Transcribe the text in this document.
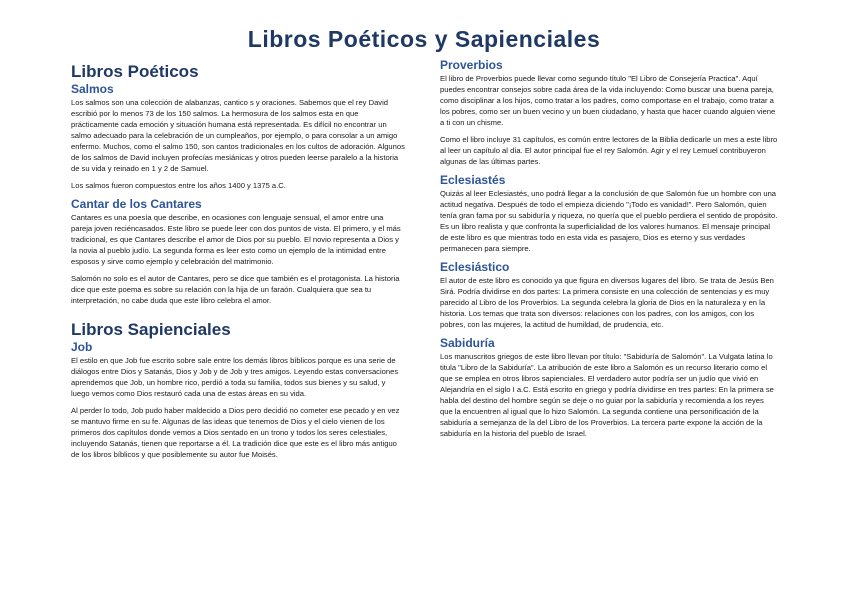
Libros Poéticos y Sapienciales
Libros Poéticos
Salmos

Los salmos son una colección de alabanzas, cantico s y oraciones. Sabemos que el rey David escribió por lo menos 73 de los 150 salmos. La hermosura de los salmos esta en que prácticamente cada emoción y situación humana está representada. Es difícil no encontrar un salmo adecuado para la celebración de un cumpleaños, por ejemplo, o para consolar a un amigo enfermo. Muchos, como el salmo 150, son cantos tradicionales en los cultos de adoración. Algunos de los salmos de David incluyen profecías mesiánicas y otros pueden leerse paralelo a la historia de su vida y reinado en 1 y 2 de Samuel.

Los salmos fueron compuestos entre los años 1400 y 1375 a.C.

Cantar de los Cantares

Cantares es una poesía que describe, en ocasiones con lenguaje sensual, el amor entre una pareja joven reciéncasados. Este libro se puede leer con dos puntos de vista. El primero, y el más tradicional, es que Cantares describe el amor de Dios por su pueblo. El novio representa a Dios y la novia al pueblo judío. La segunda forma es leer esto como un ejemplo de la intimidad entre esposos y sirve como ejemplo y celebración del matrimonio.

Salomón no solo es el autor de Cantares, pero se dice que también es el protagonista. La historia dice que este poema es sobre su relación con la hija de un faraón. Cualquiera que sea tu interpretación, no cabe duda que este libro celebra el amor.

Libros Sapienciales
Job

El estilo en que Job fue escrito sobre sale entre los demás libros bíblicos porque es una serie de diálogos entre Dios y Satanás, Dios y Job y de Job y tres amigos. Leyendo estas conversaciones aprendemos que Job, un hombre rico, perdió a toda su familia, todos sus bienes y su salud, y luego vemos como Dios restauró cada una de estas áreas en su vida.

Al perder lo todo, Job pudo haber maldecido a Dios pero decidió no cometer ese pecado y en vez se mantuvo firme en su fe. Algunas de las ideas que tenemos de Dios y el cielo vienen de los primeros dos capítulos donde vemos a Dios sentado en un trono y todos los seres celestiales, incluyendo Satanás, tienen que reportarse a él. La tradición dice que este es el libro más antiguo de los libros bíblicos y que posiblemente su autor fue Moisés.

Proverbios

El libro de Proverbios puede llevar como segundo título "El Libro de Consejería Practica". Aquí puedes encontrar consejos sobre cada área de la vida incluyendo: Como buscar una buena pareja, como disciplinar a los hijos, como tratar a los padres, como comportase en el trabajo, como tratar a los pobres, como ser un buen vecino y un buen ciudadano, y hasta que hacer cuando alguien viene a ti con un chisme.

Como el libro incluye 31 capítulos, es común entre lectores de la Biblia dedicarle un mes a este libro al leer un capítulo al día. El autor principal fue el rey Salomón. Agir y el rey Lemuel contribuyeron algunas de las últimas partes.

Eclesiastés

Quizás al leer Eclesiastés, uno podrá llegar a la conclusión de que Salomón fue un hombre con una actitud negativa. Después de todo el empieza diciendo "¡Todo es vanidad!". Pero Salomón, quien tenía gran fama por su sabiduría y riqueza, no quería que el pueblo perdiera el sentido de propósito. Es un libro realista y que confronta la superficialidad de los valores humanos. El mensaje principal de este libro es que mientras todo en esta vida es pasajero, Dios es eterno y sus verdades permanecen para siempre.

Eclesiástico

El autor de este libro es conocido ya que figura en diversos lugares del libro. Se trata de Jesús Ben Sirá. Podría dividirse en dos partes: La primera consiste en una colección de sentencias y es muy parecido al Libro de los Proverbios. La segunda celebra la gloria de Dios en la naturaleza y en la historia. Los temas que trata son diversos: relaciones con los padres, con los amigos, con los pobres, con las mujeres, la actitud de humildad, de prudencia, etc.

Sabiduría

Los manuscritos griegos de este libro llevan por título: "Sabiduría de Salomón". La Vulgata latina lo titula "Libro de la Sabiduría". La atribución de este libro a Salomón es un recurso literario como el que se emplea en otros libros sapienciales. El verdadero autor podría ser un judío que vivió en Alejandría en el siglo I a.C. Está escrito en griego y podría dividirse en tres partes: En la primera se habla del destino del hombre según se deje o no guiar por la sabiduría y recomienda a los reyes que la encuentren al igual que lo hizo Salomón. La segunda contiene una personificación de la sabiduría a semejanza de la del Libro de los Proverbios. La tercera parte expone la acción de la sabiduría en la historia del pueblo de Israel.
